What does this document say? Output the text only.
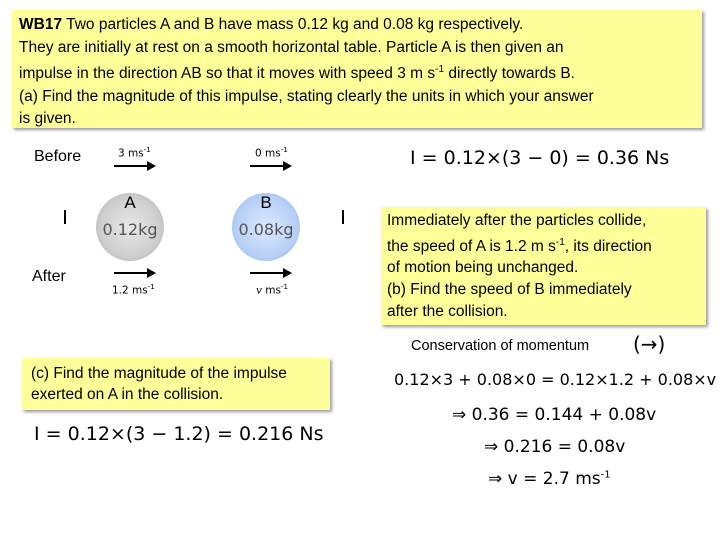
WB17 Two particles A and B have mass 0.12 kg and 0.08 kg respectively.

They are initially at rest on a smooth horizontal table. Particle A is then given an

impulse in the direction AB so that it moves with speed 3 m $s^{-1}$ directly towards B.

(a) Find the magnitude of this impulse, stating clearly the units in which your answer

is given.

Before	3 $ms^{-1}$	0 $ms^{-1}$
A
0.12kg
B
0.08kg
After
1.2 $ms^{-1}$	v $ms^{-1}$
I = 0.12×(3 − 0) = 0.36 Ns

Immediately after the particles collide,

the speed of A is 1.2 m $s^{-1}$, its direction

of motion being unchanged.

(b) Find the speed of B immediately

after the collision.

Conservation of momentum (→)
0.12×3 + 0.08×0 = 0.12×1.2 + 0.08×v
⇒ 0.36 = 0.144 + 0.08v
⇒ 0.216 = 0.08v
⇒ v = 2.7 $ms^{-1}$

(c) Find the magnitude of the impulse

exerted on A in the collision.

I = 0.12×(3 − 1.2) = 0.216 Ns
